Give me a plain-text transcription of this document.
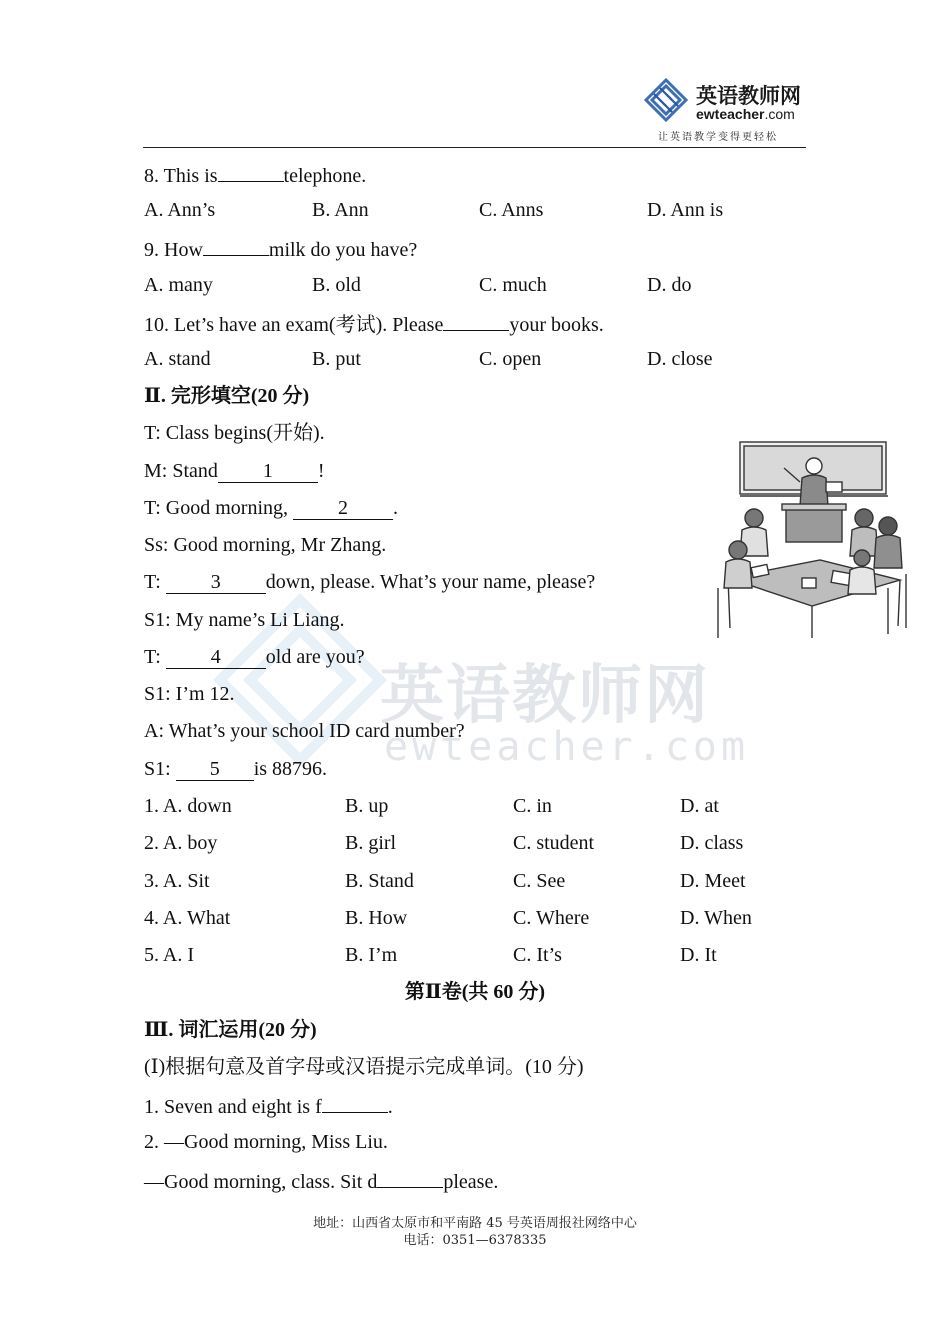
英语教师网
ewteacher.com
让英语教学变得更轻松
英语教师网
ewteacher.com
8. This is	telephone.
A. Ann’s	B. Ann	C. Anns	D. Ann is
9. How	milk do you have?
A. many	B. old	C. much	D. do
10. Let’s have an exam(考试). Please	your books.
A. stand	B. put	C. open	D. close
Ⅱ. 完形填空(20 分)
T: Class begins(开始).
M: Stand 1 !
T: Good morning, 2 .
Ss: Good morning, Mr Zhang.
T: 3 down, please. What’s your name, please?
S1: My name’s Li Liang.
T: 4 old are you?
S1: I’m 12.
A: What’s your school ID card number?
S1: 5 is 88796.
1. A. down	B. up	C. in	D. at
2. A. boy	B. girl	C. student	D. class
3. A. Sit	B. Stand	C. See	D. Meet
4. A. What	B. How	C. Where	D. When
5. A. I	B. I’m	C. It’s	D. It
第Ⅱ卷(共 60 分)
Ⅲ. 词汇运用(20 分)
(Ⅰ)根据句意及首字母或汉语提示完成单词。(10 分)
1. Seven and eight is f	.
2. —Good morning, Miss Liu.
—Good morning, class. Sit d	please.
地址：山西省太原市和平南路 45 号英语周报社网络中心
电话：0351—6378335
